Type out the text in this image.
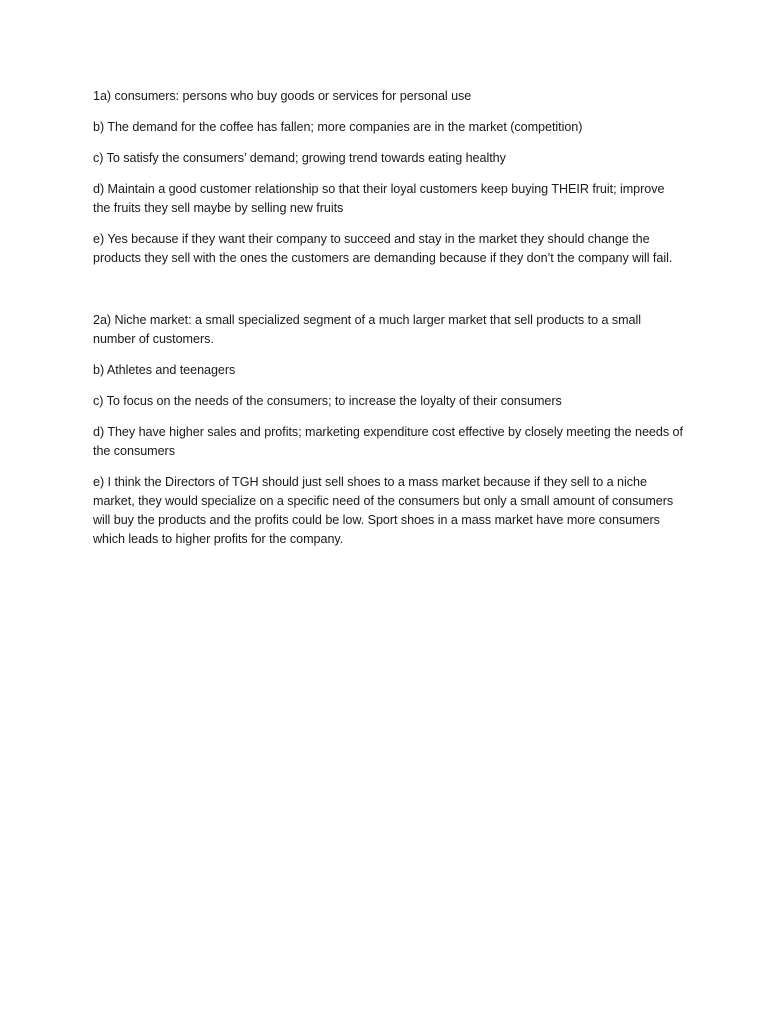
1a) consumers: persons who buy goods or services for personal use

b) The demand for the coffee has fallen; more companies are in the market (competition)

c) To satisfy the consumers’ demand; growing trend towards eating healthy

d) Maintain a good customer relationship so that their loyal customers keep buying THEIR fruit; improve the fruits they sell maybe by selling new fruits

e) Yes because if they want their company to succeed and stay in the market they should change the products they sell with the ones the customers are demanding because if they don’t the company will fail.

2a) Niche market: a small specialized segment of a much larger market that sell products to a small number of customers.

b) Athletes and teenagers

c) To focus on the needs of the consumers; to increase the loyalty of their consumers

d) They have higher sales and profits; marketing expenditure cost effective by closely meeting the needs of the consumers

e) I think the Directors of TGH should just sell shoes to a mass market because if they sell to a niche market, they would specialize on a specific need of the consumers but only a small amount of consumers will buy the products and the profits could be low. Sport shoes in a mass market have more consumers which leads to higher profits for the company.
